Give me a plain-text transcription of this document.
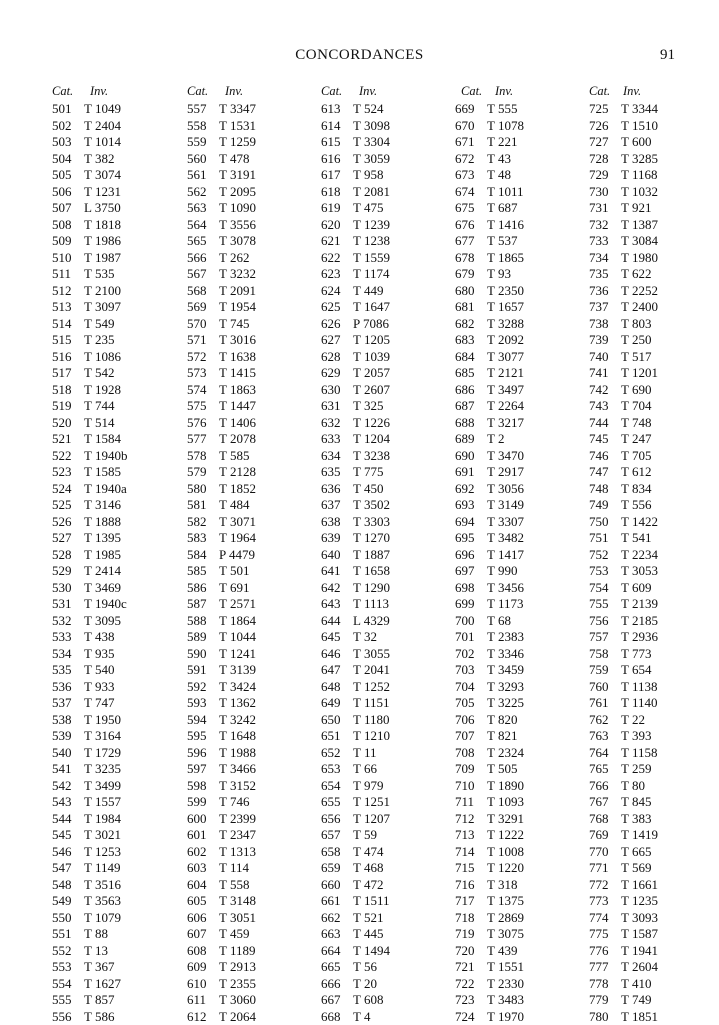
CONCORDANCES	91
Cat. Inv.
501 T 1049
502 T 2404
503 T 1014
504 T 382
505 T 3074
506 T 1231
507 L 3750
508 T 1818
509 T 1986
510 T 1987
511 T 535
512 T 2100
513 T 3097
514 T 549
515 T 235
516 T 1086
517 T 542
518 T 1928
519 T 744
520 T 514
521 T 1584
522 T 1940b
523 T 1585
524 T 1940a
525 T 3146
526 T 1888
527 T 1395
528 T 1985
529 T 2414
530 T 3469
531 T 1940c
532 T 3095
533 T 438
534 T 935
535 T 540
536 T 933
537 T 747
538 T 1950
539 T 3164
540 T 1729
541 T 3235
542 T 3499
543 T 1557
544 T 1984
545 T 3021
546 T 1253
547 T 1149
548 T 3516
549 T 3563
550 T 1079
551 T 88
552 T 13
553 T 367
554 T 1627
555 T 857
556 T 586
Cat. Inv.
557 T 3347
558 T 1531
559 T 1259
560 T 478
561 T 3191
562 T 2095
563 T 1090
564 T 3556
565 T 3078
566 T 262
567 T 3232
568 T 2091
569 T 1954
570 T 745
571 T 3016
572 T 1638
573 T 1415
574 T 1863
575 T 1447
576 T 1406
577 T 2078
578 T 585
579 T 2128
580 T 1852
581 T 484
582 T 3071
583 T 1964
584 P 4479
585 T 501
586 T 691
587 T 2571
588 T 1864
589 T 1044
590 T 1241
591 T 3139
592 T 3424
593 T 1362
594 T 3242
595 T 1648
596 T 1988
597 T 3466
598 T 3152
599 T 746
600 T 2399
601 T 2347
602 T 1313
603 T 114
604 T 558
605 T 3148
606 T 3051
607 T 459
608 T 1189
609 T 2913
610 T 2355
611 T 3060
612 T 2064
Cat. Inv.
613 T 524
614 T 3098
615 T 3304
616 T 3059
617 T 958
618 T 2081
619 T 475
620 T 1239
621 T 1238
622 T 1559
623 T 1174
624 T 449
625 T 1647
626 P 7086
627 T 1205
628 T 1039
629 T 2057
630 T 2607
631 T 325
632 T 1226
633 T 1204
634 T 3238
635 T 775
636 T 450
637 T 3502
638 T 3303
639 T 1270
640 T 1887
641 T 1658
642 T 1290
643 T 1113
644 L 4329
645 T 32
646 T 3055
647 T 2041
648 T 1252
649 T 1151
650 T 1180
651 T 1210
652 T 11
653 T 66
654 T 979
655 T 1251
656 T 1207
657 T 59
658 T 474
659 T 468
660 T 472
661 T 1511
662 T 521
663 T 445
664 T 1494
665 T 56
666 T 20
667 T 608
668 T 4
Cat. Inv.
669 T 555
670 T 1078
671 T 221
672 T 43
673 T 48
674 T 1011
675 T 687
676 T 1416
677 T 537
678 T 1865
679 T 93
680 T 2350
681 T 1657
682 T 3288
683 T 2092
684 T 3077
685 T 2121
686 T 3497
687 T 2264
688 T 3217
689 T 2
690 T 3470
691 T 2917
692 T 3056
693 T 3149
694 T 3307
695 T 3482
696 T 1417
697 T 990
698 T 3456
699 T 1173
700 T 68
701 T 2383
702 T 3346
703 T 3459
704 T 3293
705 T 3225
706 T 820
707 T 821
708 T 2324
709 T 505
710 T 1890
711 T 1093
712 T 3291
713 T 1222
714 T 1008
715 T 1220
716 T 318
717 T 1375
718 T 2869
719 T 3075
720 T 439
721 T 1551
722 T 2330
723 T 3483
724 T 1970
Cat. Inv.
725 T 3344
726 T 1510
727 T 600
728 T 3285
729 T 1168
730 T 1032
731 T 921
732 T 1387
733 T 3084
734 T 1980
735 T 622
736 T 2252
737 T 2400
738 T 803
739 T 250
740 T 517
741 T 1201
742 T 690
743 T 704
744 T 748
745 T 247
746 T 705
747 T 612
748 T 834
749 T 556
750 T 1422
751 T 541
752 T 2234
753 T 3053
754 T 609
755 T 2139
756 T 2185
757 T 2936
758 T 773
759 T 654
760 T 1138
761 T 1140
762 T 22
763 T 393
764 T 1158
765 T 259
766 T 80
767 T 845
768 T 383
769 T 1419
770 T 665
771 T 569
772 T 1661
773 T 1235
774 T 3093
775 T 1587
776 T 1941
777 T 2604
778 T 410
779 T 749
780 T 1851
